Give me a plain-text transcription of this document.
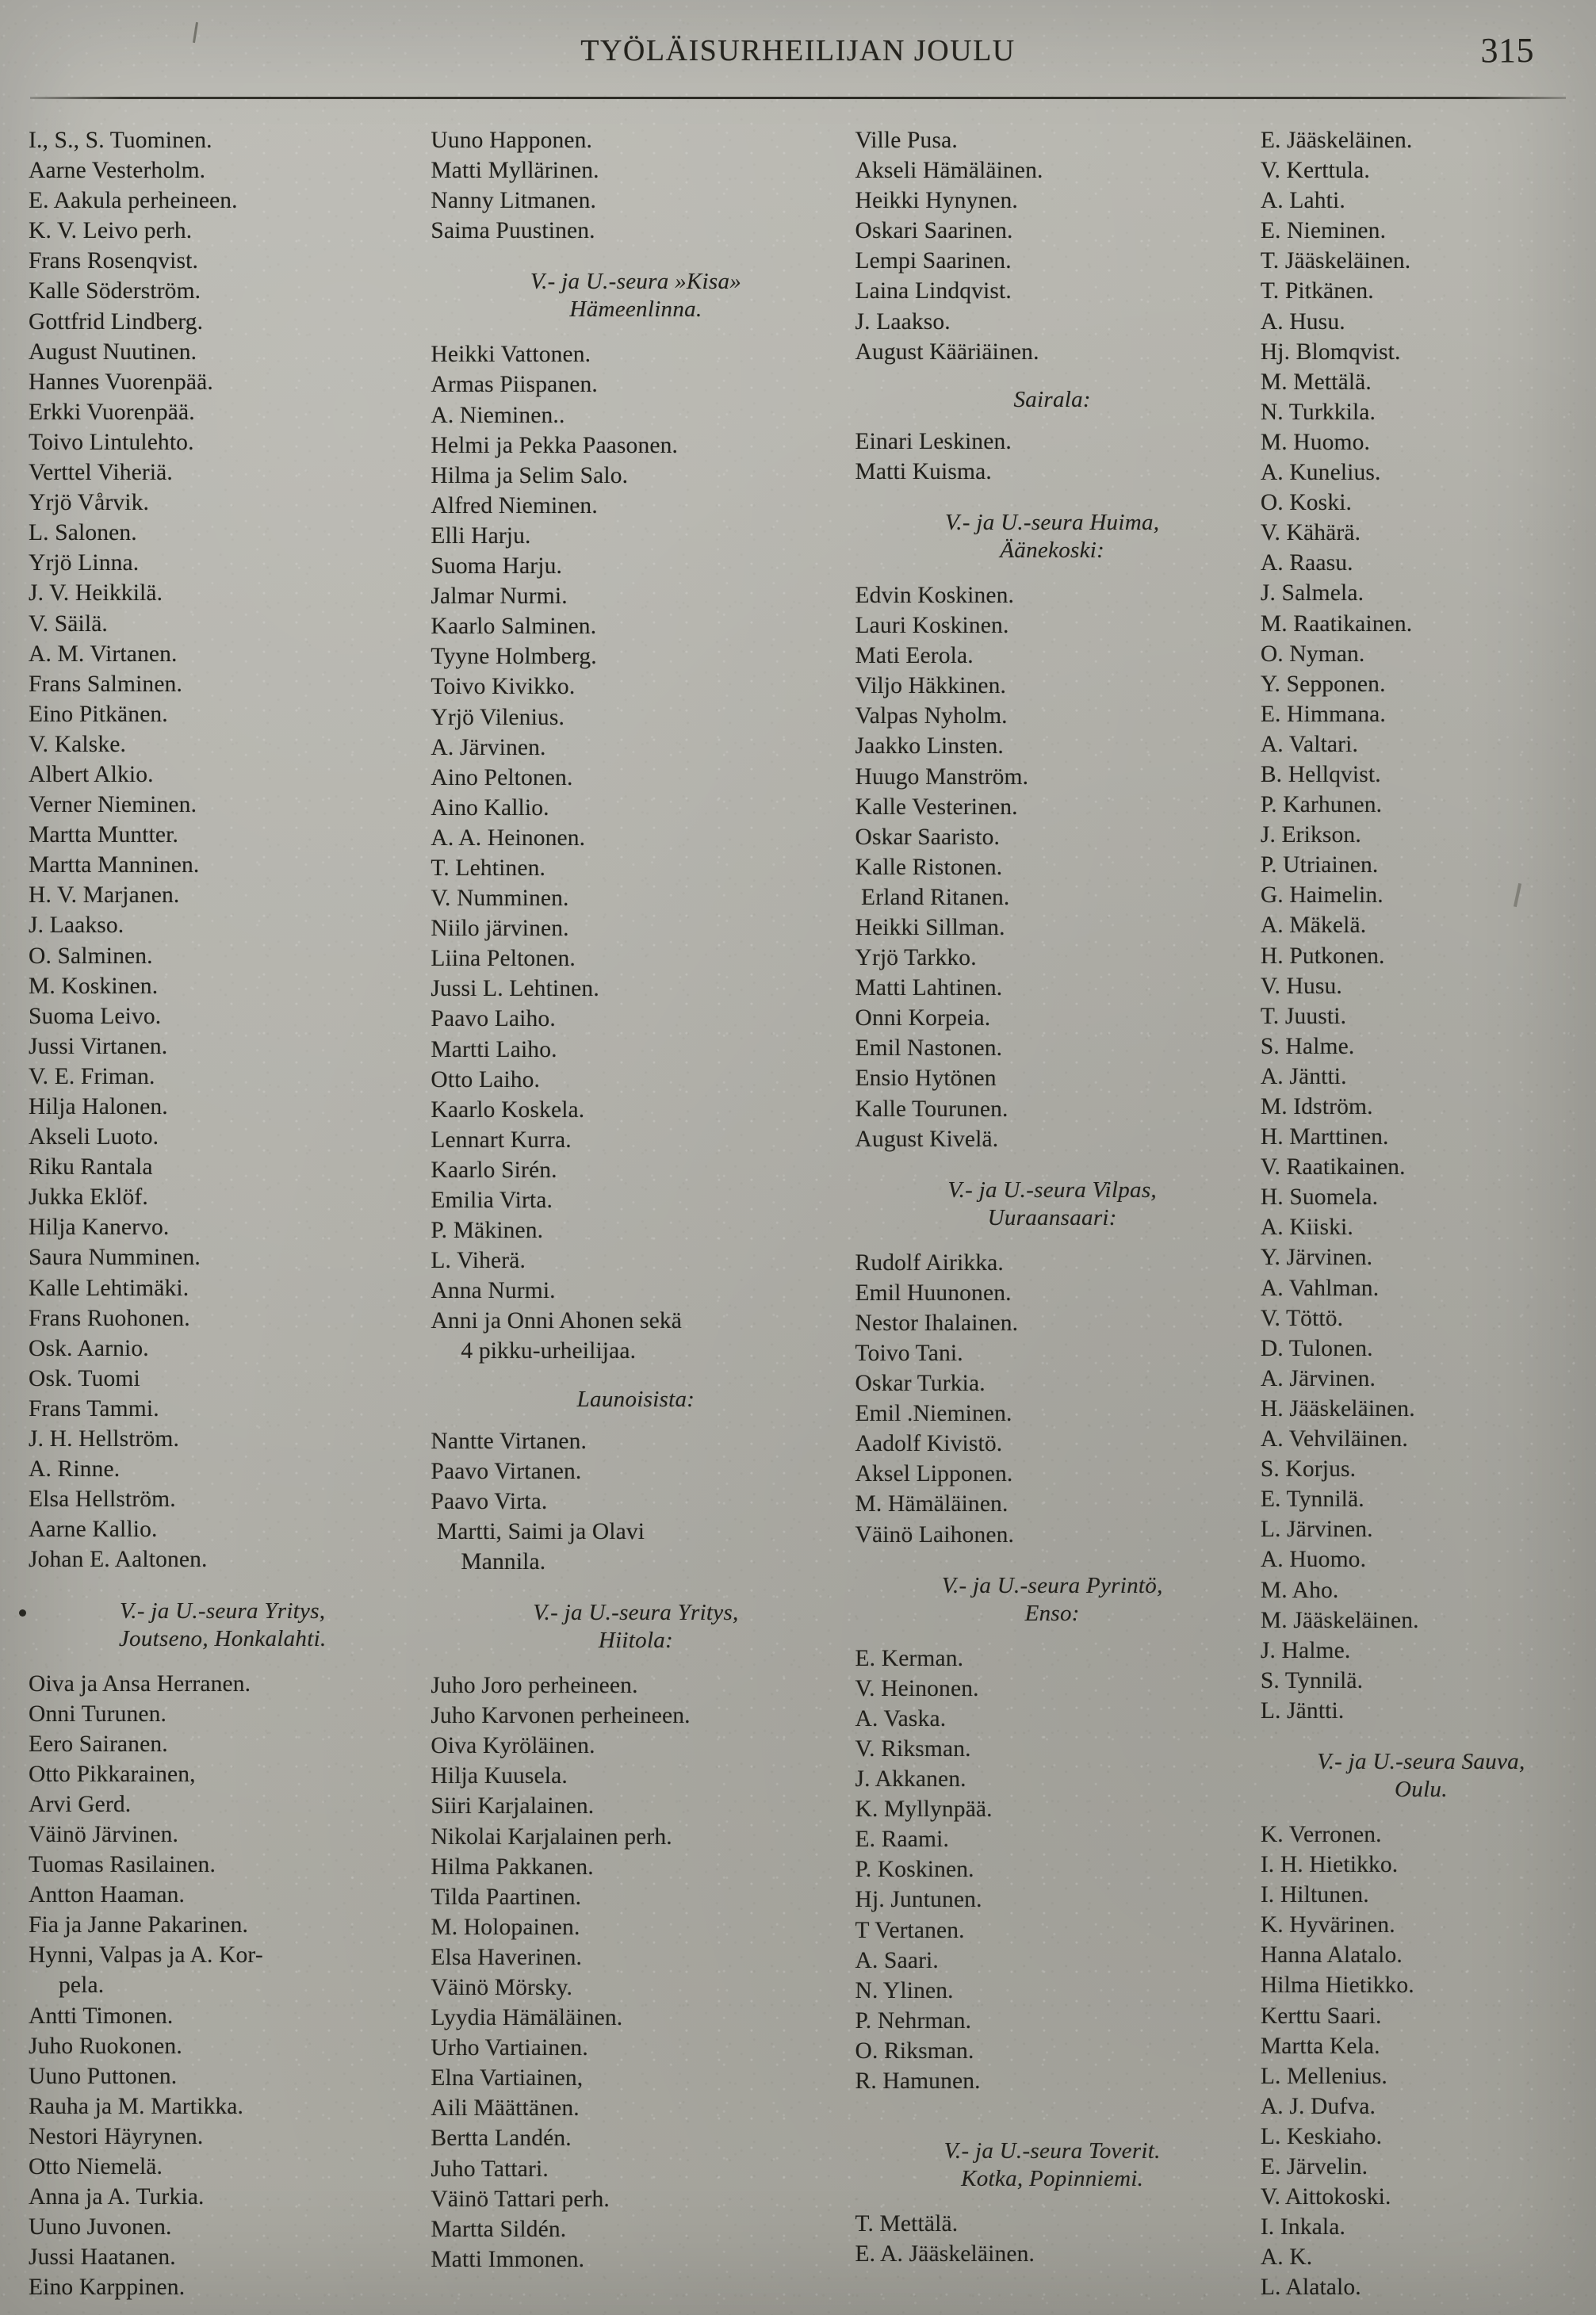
TYÖLÄISURHEILIJAN JOULU	315
I., S., S. Tuominen.
Aarne Vesterholm.
E. Aakula perheineen.
K. V. Leivo perh.
Frans Rosenqvist.
Kalle Söderström.
Gottfrid Lindberg.
August Nuutinen.
Hannes Vuorenpää.
Erkki Vuorenpää.
Toivo Lintulehto.
Verttel Viheriä.
Yrjö Vårvik.
L. Salonen.
Yrjö Linna.
J. V. Heikkilä.
V. Säilä.
A. M. Virtanen.
Frans Salminen.
Eino Pitkänen.
V. Kalske.
Albert Alkio.
Verner Nieminen.
Martta Muntter.
Martta Manninen.
H. V. Marjanen.
J. Laakso.
O. Salminen.
M. Koskinen.
Suoma Leivo.
Jussi Virtanen.
V. E. Friman.
Hilja Halonen.
Akseli Luoto.
Riku Rantala
Jukka Eklöf.
Hilja Kanervo.
Saura Numminen.
Kalle Lehtimäki.
Frans Ruohonen.
Osk. Aarnio.
Osk. Tuomi
Frans Tammi.
J. H. Hellström.
A. Rinne.
Elsa Hellström.
Aarne Kallio.
Johan E. Aaltonen.
V.- ja U.-seura Yritys,
Joutseno, Honkalahti.
Oiva ja Ansa Herranen.
Onni Turunen.
Eero Sairanen.
Otto Pikkarainen,
Arvi Gerd.
Väinö Järvinen.
Tuomas Rasilainen.
Antton Haaman.
Fia ja Janne Pakarinen.
Hynni, Valpas ja A. Kor-
pela.
Antti Timonen.
Juho Ruokonen.
Uuno Puttonen.
Rauha ja M. Martikka.
Nestori Häyrynen.
Otto Niemelä.
Anna ja A. Turkia.
Uuno Juvonen.
Jussi Haatanen.
Eino Karppinen.
Uuno Happonen.
Matti Myllärinen.
Nanny Litmanen.
Saima Puustinen.
V.- ja U.-seura »Kisa»
Hämeenlinna.
Heikki Vattonen.
Armas Piispanen.
A. Nieminen..
Helmi ja Pekka Paasonen.
Hilma ja Selim Salo.
Alfred Nieminen.
Elli Harju.
Suoma Harju.
Jalmar Nurmi.
Kaarlo Salminen.
Tyyne Holmberg.
Toivo Kivikko.
Yrjö Vilenius.
A. Järvinen.
Aino Peltonen.
Aino Kallio.
A. A. Heinonen.
T. Lehtinen.
V. Numminen.
Niilo järvinen.
Liina Peltonen.
Jussi L. Lehtinen.
Paavo Laiho.
Martti Laiho.
Otto Laiho.
Kaarlo Koskela.
Lennart Kurra.
Kaarlo Sirén.
Emilia Virta.
P. Mäkinen.
L. Viherä.
Anna Nurmi.
Anni ja Onni Ahonen sekä
4 pikku-urheilijaa.
Launoisista:
Nantte Virtanen.
Paavo Virtanen.
Paavo Virta.
Martti, Saimi ja Olavi
Mannila.
V.- ja U.-seura Yritys,
Hiitola:
Juho Joro perheineen.
Juho Karvonen perheineen.
Oiva Kyröläinen.
Hilja Kuusela.
Siiri Karjalainen.
Nikolai Karjalainen perh.
Hilma Pakkanen.
Tilda Paartinen.
M. Holopainen.
Elsa Haverinen.
Väinö Mörsky.
Lyydia Hämäläinen.
Urho Vartiainen.
Elna Vartiainen,
Aili Määttänen.
Bertta Landén.
Juho Tattari.
Väinö Tattari perh.
Martta Sildén.
Matti Immonen.
Ville Pusa.
Akseli Hämäläinen.
Heikki Hynynen.
Oskari Saarinen.
Lempi Saarinen.
Laina Lindqvist.
J. Laakso.
August Kääriäinen.
Sairala:
Einari Leskinen.
Matti Kuisma.
V.- ja U.-seura Huima,
Äänekoski:
Edvin Koskinen.
Lauri Koskinen.
Mati Eerola.
Viljo Häkkinen.
Valpas Nyholm.
Jaakko Linsten.
Huugo Manström.
Kalle Vesterinen.
Oskar Saaristo.
Kalle Ristonen.
Erland Ritanen.
Heikki Sillman.
Yrjö Tarkko.
Matti Lahtinen.
Onni Korpeia.
Emil Nastonen.
Ensio Hytönen
Kalle Tourunen.
August Kivelä.
V.- ja U.-seura Vilpas,
Uuraansaari:
Rudolf Airikka.
Emil Huunonen.
Nestor Ihalainen.
Toivo Tani.
Oskar Turkia.
Emil .Nieminen.
Aadolf Kivistö.
Aksel Lipponen.
M. Hämäläinen.
Väinö Laihonen.
V.- ja U.-seura Pyrintö,
Enso:
E. Kerman.
V. Heinonen.
A. Vaska.
V. Riksman.
J. Akkanen.
K. Myllynpää.
E. Raami.
P. Koskinen.
Hj. Juntunen.
T Vertanen.
A. Saari.
N. Ylinen.
P. Nehrman.
O. Riksman.
R. Hamunen.
V.- ja U.-seura Toverit.
Kotka, Popinniemi.
T. Mettälä.
E. A. Jääskeläinen.
E. Jääskeläinen.
V. Kerttula.
A. Lahti.
E. Nieminen.
T. Jääskeläinen.
T. Pitkänen.
A. Husu.
Hj. Blomqvist.
M. Mettälä.
N. Turkkila.
M. Huomo.
A. Kunelius.
O. Koski.
V. Kähärä.
A. Raasu.
J. Salmela.
M. Raatikainen.
O. Nyman.
Y. Sepponen.
E. Himmana.
A. Valtari.
B. Hellqvist.
P. Karhunen.
J. Erikson.
P. Utriainen.
G. Haimelin.
A. Mäkelä.
H. Putkonen.
V. Husu.
T. Juusti.
S. Halme.
A. Jäntti.
M. Idström.
H. Marttinen.
V. Raatikainen.
H. Suomela.
A. Kiiski.
Y. Järvinen.
A. Vahlman.
V. Töttö.
D. Tulonen.
A. Järvinen.
H. Jääskeläinen.
A. Vehviläinen.
S. Korjus.
E. Tynnilä.
L. Järvinen.
A. Huomo.
M. Aho.
M. Jääskeläinen.
J. Halme.
S. Tynnilä.
L. Jäntti.
V.- ja U.-seura Sauva,
Oulu.
K. Verronen.
I. H. Hietikko.
I. Hiltunen.
K. Hyvärinen.
Hanna Alatalo.
Hilma Hietikko.
Kerttu Saari.
Martta Kela.
L. Mellenius.
A. J. Dufva.
L. Keskiaho.
E. Järvelin.
V. Aittokoski.
I. Inkala.
A. K.
L. Alatalo.
